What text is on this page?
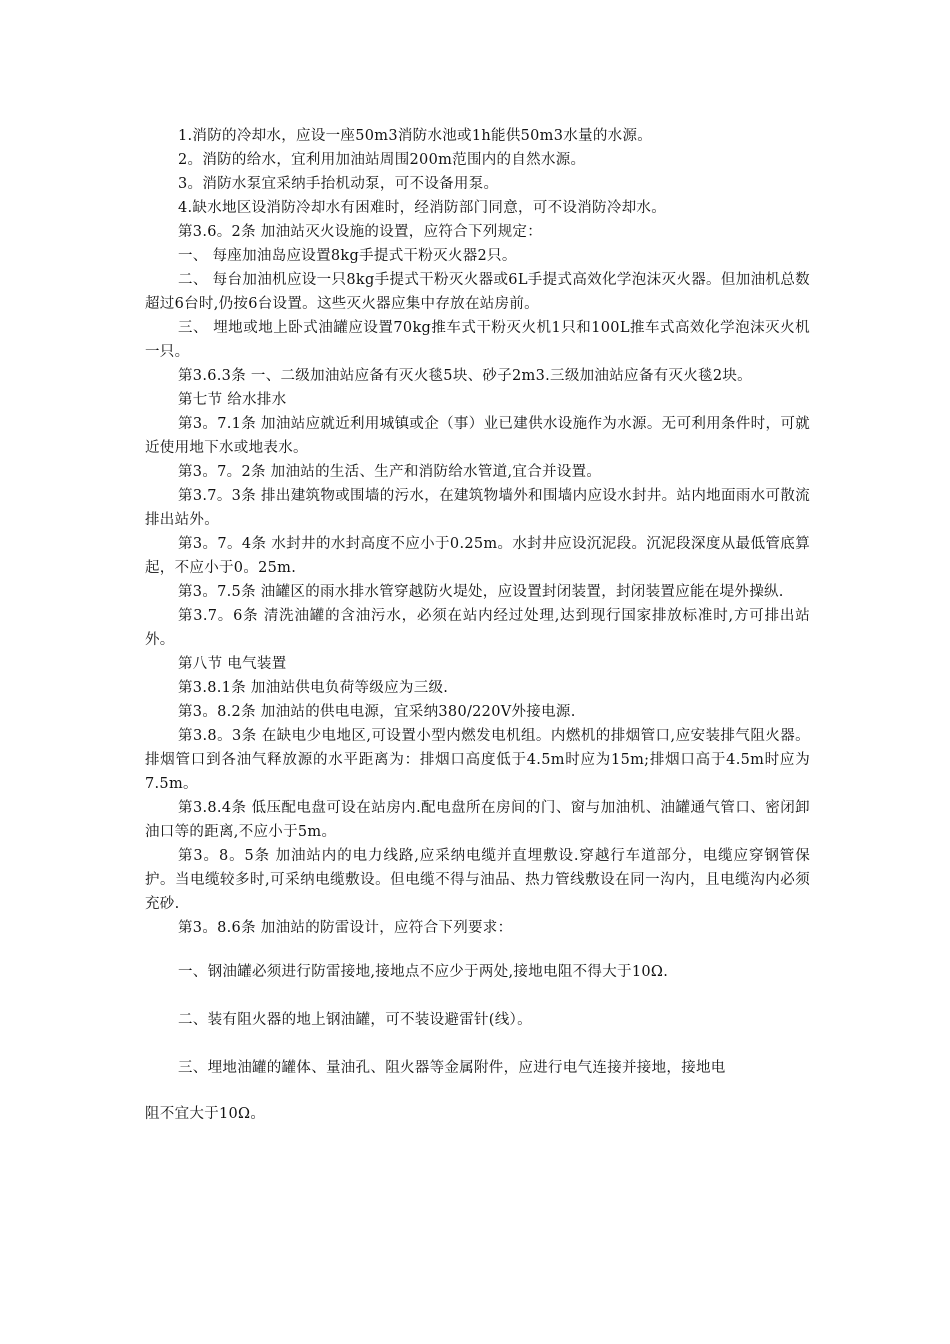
1.消防的冷却水，应设一座50m3消防水池或1h能供50m3水量的水源。

2。消防的给水，宜利用加油站周围200m范围内的自然水源。

3。消防水泵宜采纳手抬机动泵，可不设备用泵。

4.缺水地区设消防冷却水有困难时，经消防部门同意，可不设消防冷却水。

第3.6。2条 加油站灭火设施的设置，应符合下列规定：

一、 每座加油岛应设置8kg手提式干粉灭火器2只。

二、 每台加油机应设一只8kg手提式干粉灭火器或6L手提式高效化学泡沫灭火器。但加油机总数超过6台时,仍按6台设置。这些灭火器应集中存放在站房前。

三、 埋地或地上卧式油罐应设置70kg推车式干粉灭火机1只和100L推车式高效化学泡沫灭火机一只。

第3.6.3条 一、二级加油站应备有灭火毯5块、砂子2m3.三级加油站应备有灭火毯2块。

第七节 给水排水

第3。7.1条 加油站应就近利用城镇或企（事）业已建供水设施作为水源。无可利用条件时，可就近使用地下水或地表水。

第3。7。2条 加油站的生活、生产和消防给水管道,宜合并设置。

第3.7。3条 排出建筑物或围墙的污水，在建筑物墙外和围墙内应设水封井。站内地面雨水可散流排出站外。

第3。7。4条 水封井的水封高度不应小于0.25m。水封井应设沉泥段。沉泥段深度从最低管底算起，不应小于0。25m.

第3。7.5条 油罐区的雨水排水管穿越防火堤处，应设置封闭装置，封闭装置应能在堤外操纵.

第3.7。6条 清洗油罐的含油污水，必须在站内经过处理,达到现行国家排放标准时,方可排出站外。

第八节 电气装置

第3.8.1条 加油站供电负荷等级应为三级.

第3。8.2条 加油站的供电电源，宜采纳380/220V外接电源.

第3.8。3条 在缺电少电地区,可设置小型内燃发电机组。内燃机的排烟管口,应安装排气阻火器。排烟管口到各油气释放源的水平距离为：排烟口高度低于4.5m时应为15m;排烟口高于4.5m时应为7.5m。

第3.8.4条 低压配电盘可设在站房内.配电盘所在房间的门、窗与加油机、油罐通气管口、密闭卸油口等的距离,不应小于5m。

第3。8。5条 加油站内的电力线路,应采纳电缆并直埋敷设.穿越行车道部分，电缆应穿钢管保护。当电缆较多时,可采纳电缆敷设。但电缆不得与油品、热力管线敷设在同一沟内，且电缆沟内必须充砂.

第3。8.6条 加油站的防雷设计，应符合下列要求：

一、钢油罐必须进行防雷接地,接地点不应少于两处,接地电阻不得大于10Ω.

二、装有阻火器的地上钢油罐，可不装设避雷针(线）。

三、埋地油罐的罐体、量油孔、阻火器等金属附件，应进行电气连接并接地，接地电

阻不宜大于10Ω。
